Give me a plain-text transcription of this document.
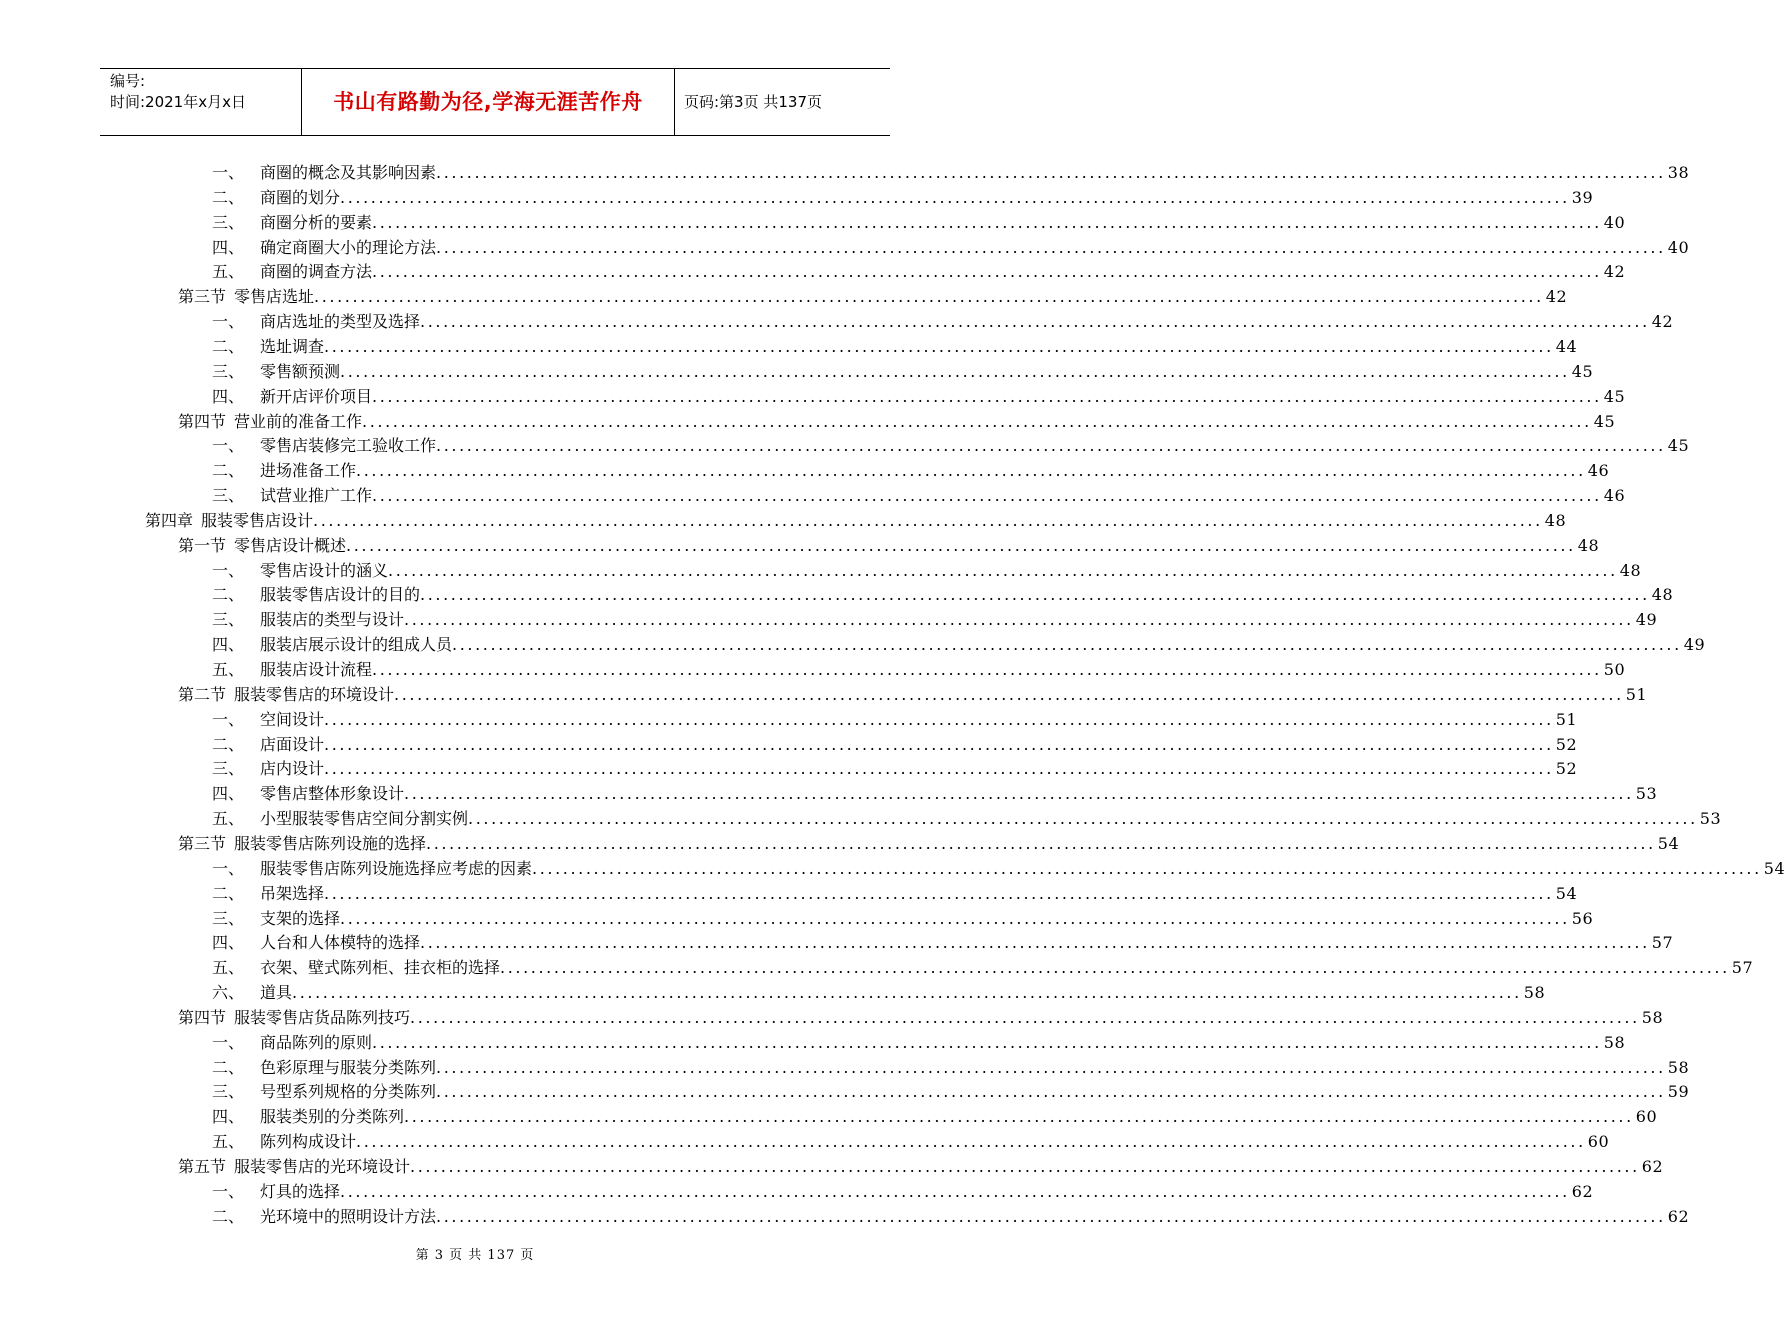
编号:
时间:2021年x月x日	书山有路勤为径,学海无涯苦作舟	页码:第3页 共137页
一、 商圈的概念及其影响因素 ................................................................................................................................................................ 38
二、 商圈的划分 ................................................................................................................................................................ 39
三、 商圈分析的要素 ................................................................................................................................................................ 40
四、 确定商圈大小的理论方法 ................................................................................................................................................................ 40
五、 商圈的调查方法 ................................................................................................................................................................ 42
第三节 零售店选址 ................................................................................................................................................................ 42
一、 商店选址的类型及选择 ................................................................................................................................................................ 42
二、 选址调查 ................................................................................................................................................................ 44
三、 零售额预测 ................................................................................................................................................................ 45
四、 新开店评价项目 ................................................................................................................................................................ 45
第四节 营业前的准备工作 ................................................................................................................................................................ 45
一、 零售店装修完工验收工作 ................................................................................................................................................................ 45
二、 进场准备工作 ................................................................................................................................................................ 46
三、 试营业推广工作 ................................................................................................................................................................ 46
第四章 服装零售店设计 ................................................................................................................................................................ 48
第一节 零售店设计概述 ................................................................................................................................................................ 48
一、 零售店设计的涵义 ................................................................................................................................................................ 48
二、 服装零售店设计的目的 ................................................................................................................................................................ 48
三、 服装店的类型与设计 ................................................................................................................................................................ 49
四、 服装店展示设计的组成人员 ................................................................................................................................................................ 49
五、 服装店设计流程 ................................................................................................................................................................ 50
第二节 服装零售店的环境设计 ................................................................................................................................................................ 51
一、 空间设计 ................................................................................................................................................................ 51
二、 店面设计 ................................................................................................................................................................ 52
三、 店内设计 ................................................................................................................................................................ 52
四、 零售店整体形象设计 ................................................................................................................................................................ 53
五、 小型服装零售店空间分割实例 ................................................................................................................................................................ 53
第三节 服装零售店陈列设施的选择 ................................................................................................................................................................ 54
一、 服装零售店陈列设施选择应考虑的因素 ................................................................................................................................................................ 54
二、 吊架选择 ................................................................................................................................................................ 54
三、 支架的选择 ................................................................................................................................................................ 56
四、 人台和人体模特的选择 ................................................................................................................................................................ 57
五、 衣架、壁式陈列柜、挂衣柜的选择 ................................................................................................................................................................ 57
六、 道具 ................................................................................................................................................................ 58
第四节 服装零售店货品陈列技巧 ................................................................................................................................................................ 58
一、 商品陈列的原则 ................................................................................................................................................................ 58
二、 色彩原理与服装分类陈列 ................................................................................................................................................................ 58
三、 号型系列规格的分类陈列 ................................................................................................................................................................ 59
四、 服装类别的分类陈列 ................................................................................................................................................................ 60
五、 陈列构成设计 ................................................................................................................................................................ 60
第五节 服装零售店的光环境设计 ................................................................................................................................................................ 62
一、 灯具的选择 ................................................................................................................................................................ 62
二、 光环境中的照明设计方法 ................................................................................................................................................................ 62
第 3 页 共 137 页
